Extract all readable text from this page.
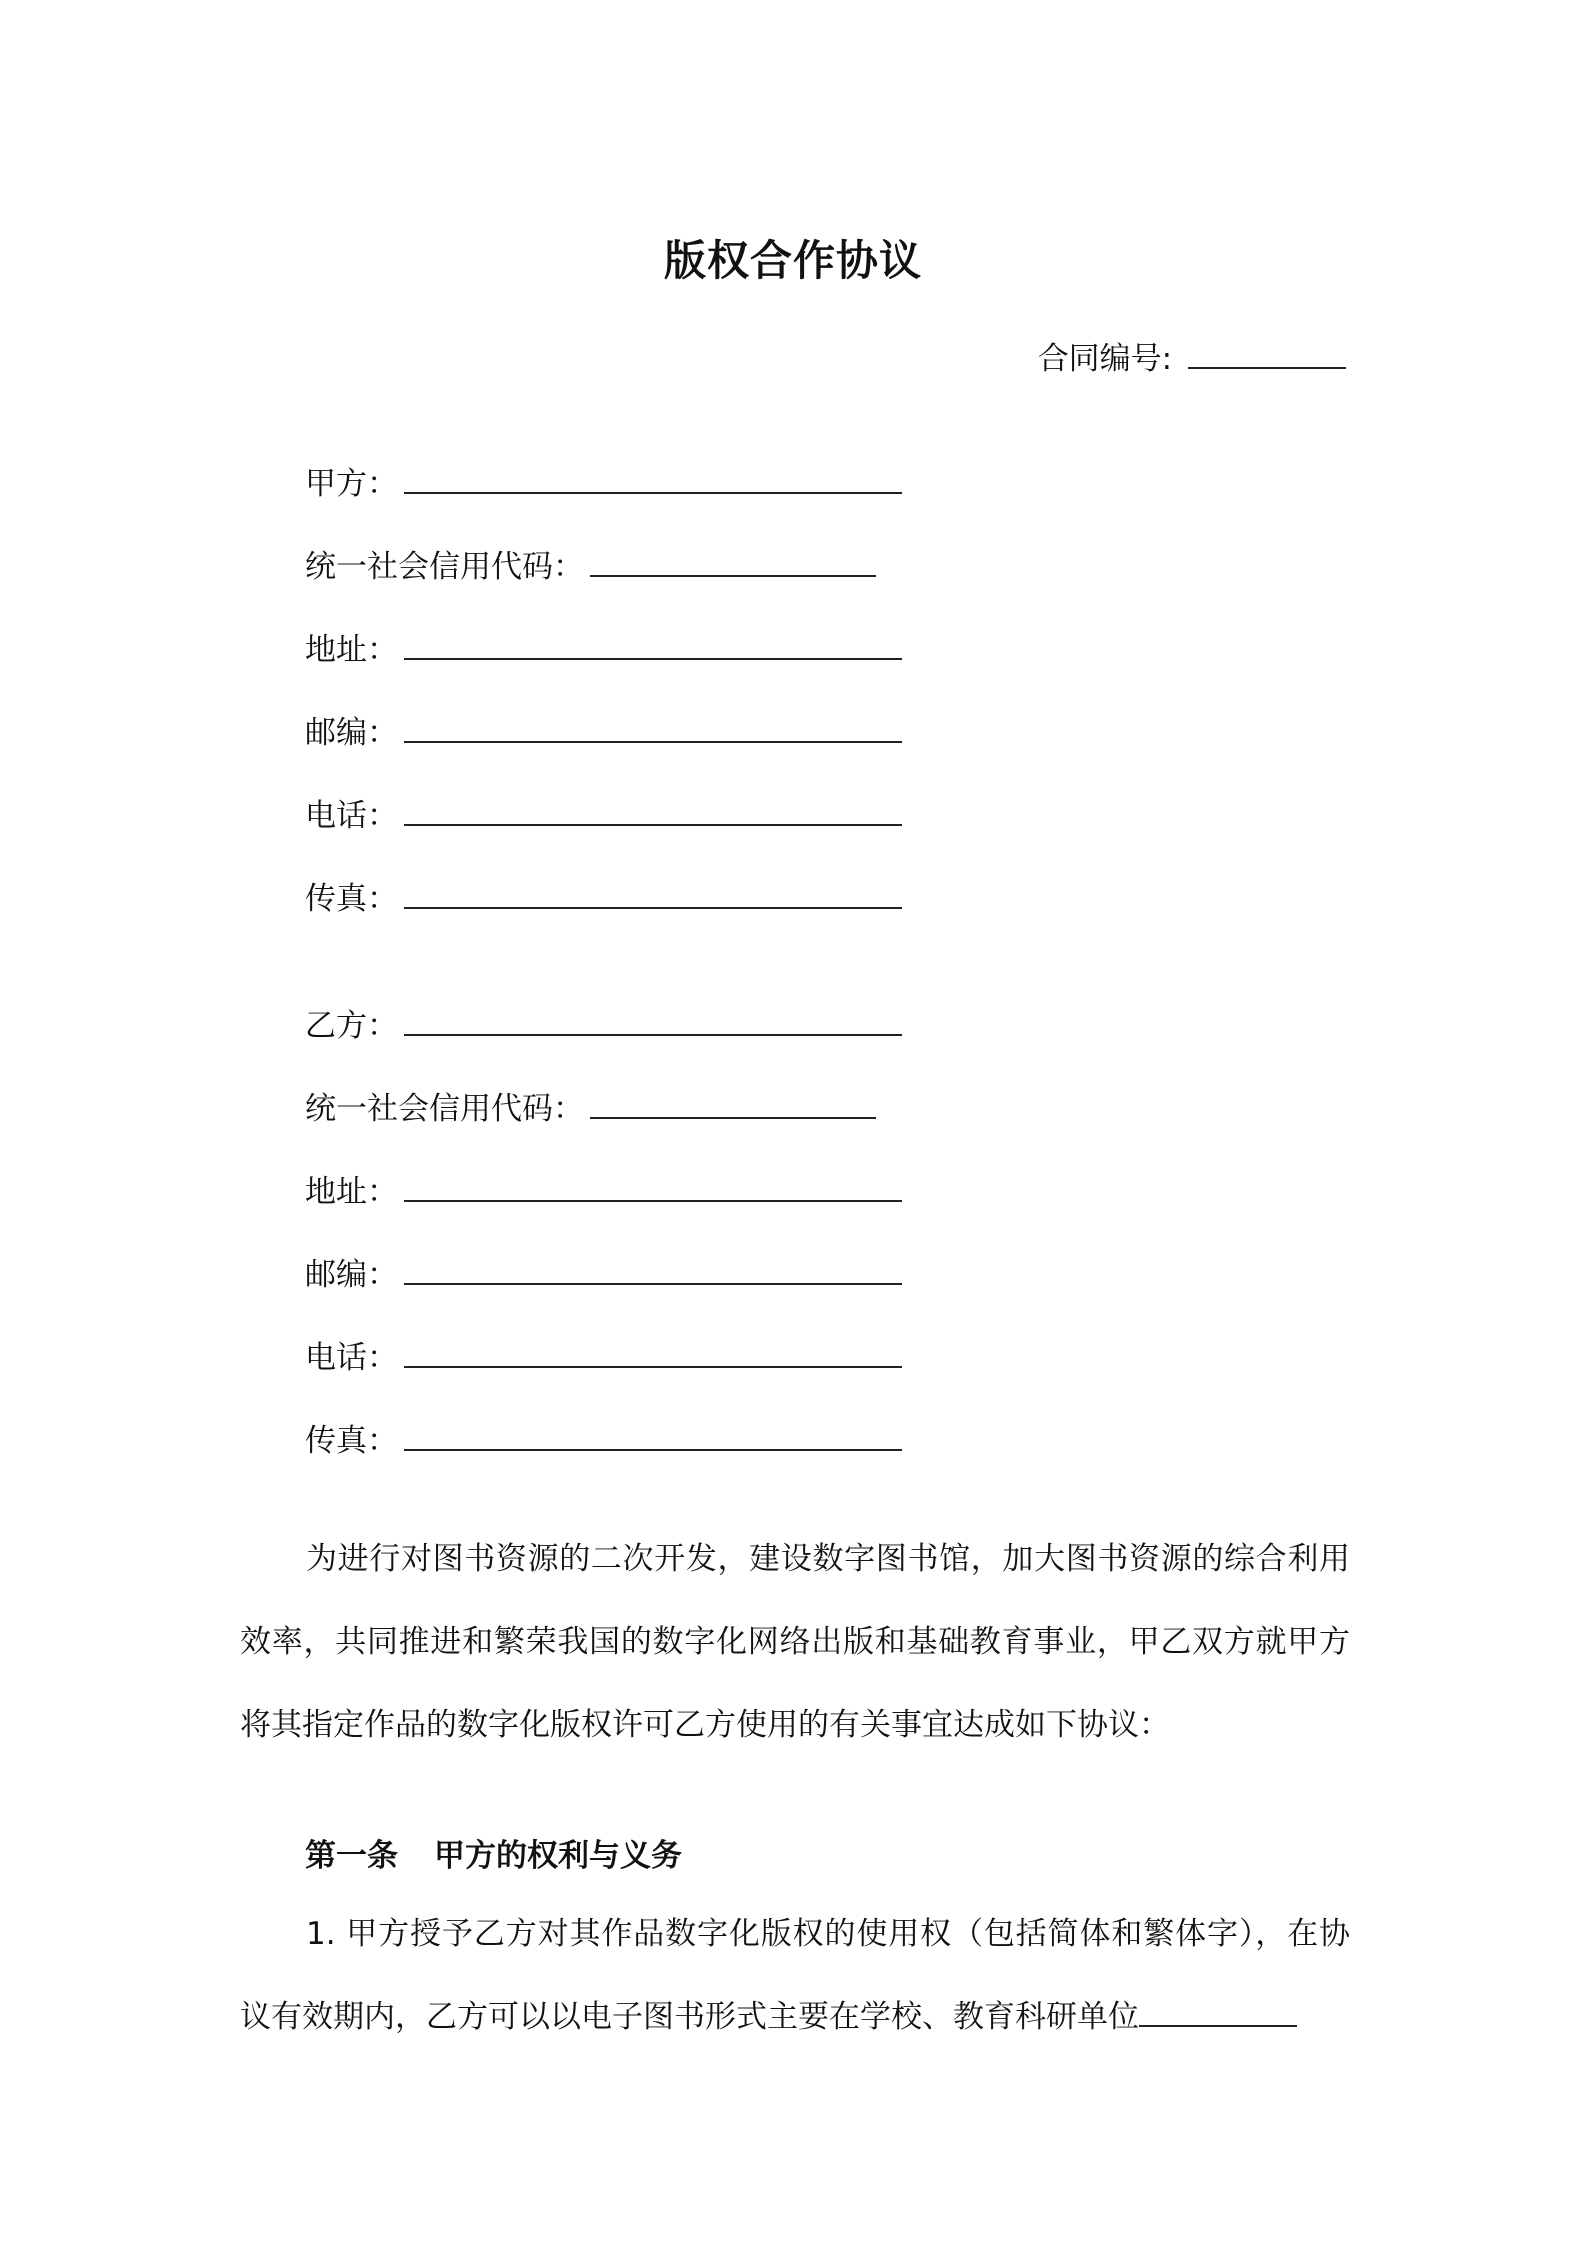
版权合作协议
合同编号:
甲方：
统一社会信用代码：
地址：
邮编：
电话：
传真：
乙方：
统一社会信用代码：
地址：
邮编：
电话：
传真：
为进行对图书资源的二次开发，建设数字图书馆，加大图书资源的综合利用效率，共同推进和繁荣我国的数字化网络出版和基础教育事业，甲乙双方就甲方将其指定作品的数字化版权许可乙方使用的有关事宜达成如下协议：
第一条 甲方的权利与义务
1. 甲方授予乙方对其作品数字化版权的使用权（包括简体和繁体字），在协议有效期内，乙方可以以电子图书形式主要在学校、教育科研单位
